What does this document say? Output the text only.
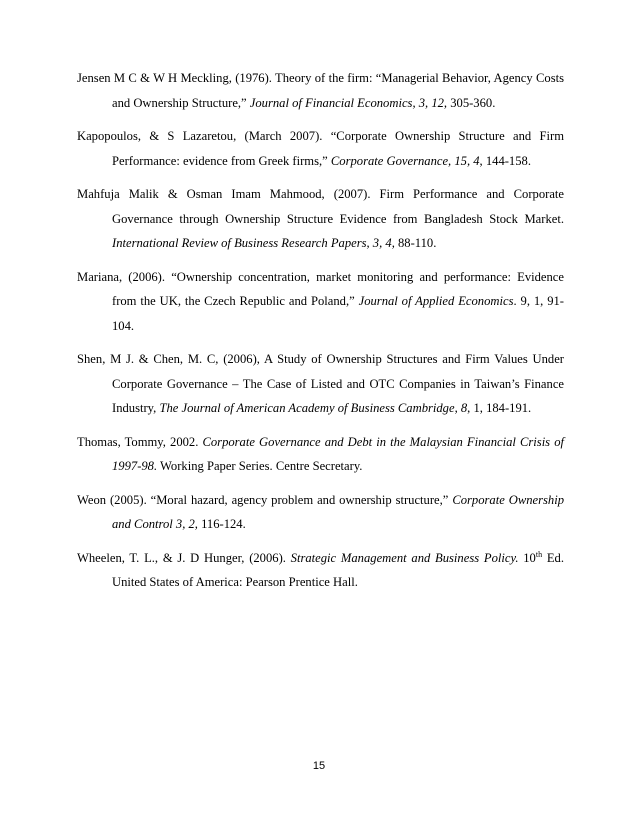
Jensen M C & W H Meckling, (1976). Theory of the firm: “Managerial Behavior, Agency Costs and Ownership Structure,” Journal of Financial Economics, 3, 12, 305-360.

Kapopoulos, & S Lazaretou, (March 2007). “Corporate Ownership Structure and Firm Performance: evidence from Greek firms,” Corporate Governance, 15, 4, 144-158.

Mahfuja Malik & Osman Imam Mahmood, (2007). Firm Performance and Corporate Governance through Ownership Structure Evidence from Bangladesh Stock Market. International Review of Business Research Papers, 3, 4, 88-110.

Mariana, (2006). “Ownership concentration, market monitoring and performance: Evidence from the UK, the Czech Republic and Poland,” Journal of Applied Economics. 9, 1, 91-104.

Shen, M J. & Chen, M. C, (2006), A Study of Ownership Structures and Firm Values Under Corporate Governance – The Case of Listed and OTC Companies in Taiwan’s Finance Industry, The Journal of American Academy of Business Cambridge, 8, 1, 184-191.

Thomas, Tommy, 2002. Corporate Governance and Debt in the Malaysian Financial Crisis of 1997-98. Working Paper Series. Centre Secretary.

Weon (2005). “Moral hazard, agency problem and ownership structure,” Corporate Ownership and Control 3, 2, 116-124.

Wheelen, T. L., & J. D Hunger, (2006). Strategic Management and Business Policy. 10th Ed. United States of America: Pearson Prentice Hall.

15
